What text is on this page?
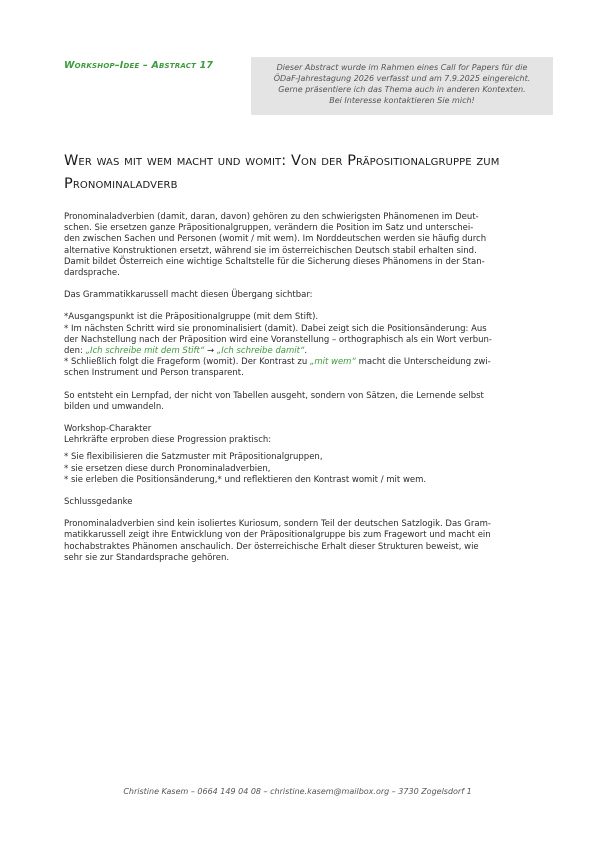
Workshop–Idee – Abstract 17	Dieser Abstract wurde im Rahmen eines Call for Papers für die
ÖDaF-Jahrestagung 2026 verfasst und am 7.9.2025 eingereicht.
Gerne präsentiere ich das Thema auch in anderen Kontexten.
Bei Interesse kontaktieren Sie mich!
Wer was mit wem macht und womit: Von der Präpositionalgruppe zum
Pronominaladverb
Pronominaladverbien (damit, daran, davon) gehören zu den schwierigsten Phänomenen im Deut-
schen. Sie ersetzen ganze Präpositionalgruppen, verändern die Position im Satz und unterschei-
den zwischen Sachen und Personen (womit / mit wem). Im Norddeutschen werden sie häufig durch
alternative Konstruktionen ersetzt, während sie im österreichischen Deutsch stabil erhalten sind.
Damit bildet Österreich eine wichtige Schaltstelle für die Sicherung dieses Phänomens in der Stan-
dardsprache.
Das Grammatikkarussell macht diesen Übergang sichtbar:
*Ausgangspunkt ist die Präpositionalgruppe (mit dem Stift).
* Im nächsten Schritt wird sie pronominalisiert (damit). Dabei zeigt sich die Positionsänderung: Aus
der Nachstellung nach der Präposition wird eine Voranstellung – orthographisch als ein Wort verbun-
den: „Ich schreibe mit dem Stift“ → „Ich schreibe damit“.
* Schließlich folgt die Frageform (womit). Der Kontrast zu „mit wem“ macht die Unterscheidung zwi-
schen Instrument und Person transparent.
So entsteht ein Lernpfad, der nicht von Tabellen ausgeht, sondern von Sätzen, die Lernende selbst
bilden und umwandeln.
Workshop-Charakter
Lehrkräfte erproben diese Progression praktisch:
* Sie flexibilisieren die Satzmuster mit Präpositionalgruppen,
* sie ersetzen diese durch Pronominaladverbien,
* sie erleben die Positionsänderung,* und reflektieren den Kontrast womit / mit wem.
Schlussgedanke
Pronominaladverbien sind kein isoliertes Kuriosum, sondern Teil der deutschen Satzlogik. Das Gram-
matikkarussell zeigt ihre Entwicklung von der Präpositionalgruppe bis zum Fragewort und macht ein
hochabstraktes Phänomen anschaulich. Der österreichische Erhalt dieser Strukturen beweist, wie
sehr sie zur Standardsprache gehören.
Christine Kasem – 0664 149 04 08 – christine.kasem@mailbox.org – 3730 Zogelsdorf 1
